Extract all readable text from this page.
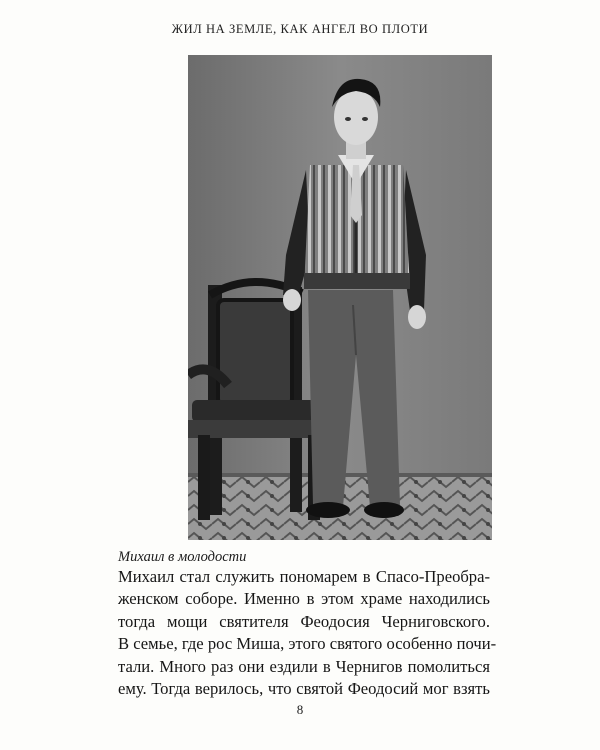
ЖИЛ НА ЗЕМЛЕ, КАК АНГЕЛ ВО ПЛОТИ
Михаил в молодости

Михаил стал служить пономарем в Спасо-Преобра-
женском соборе. Именно в этом храме находились
тогда мощи святителя Феодосия Черниговского.
В семье, где рос Миша, этого святого особенно почи-
тали. Много раз они ездили в Чернигов помолиться
ему. Тогда верилось, что святой Феодосий мог взять

8
